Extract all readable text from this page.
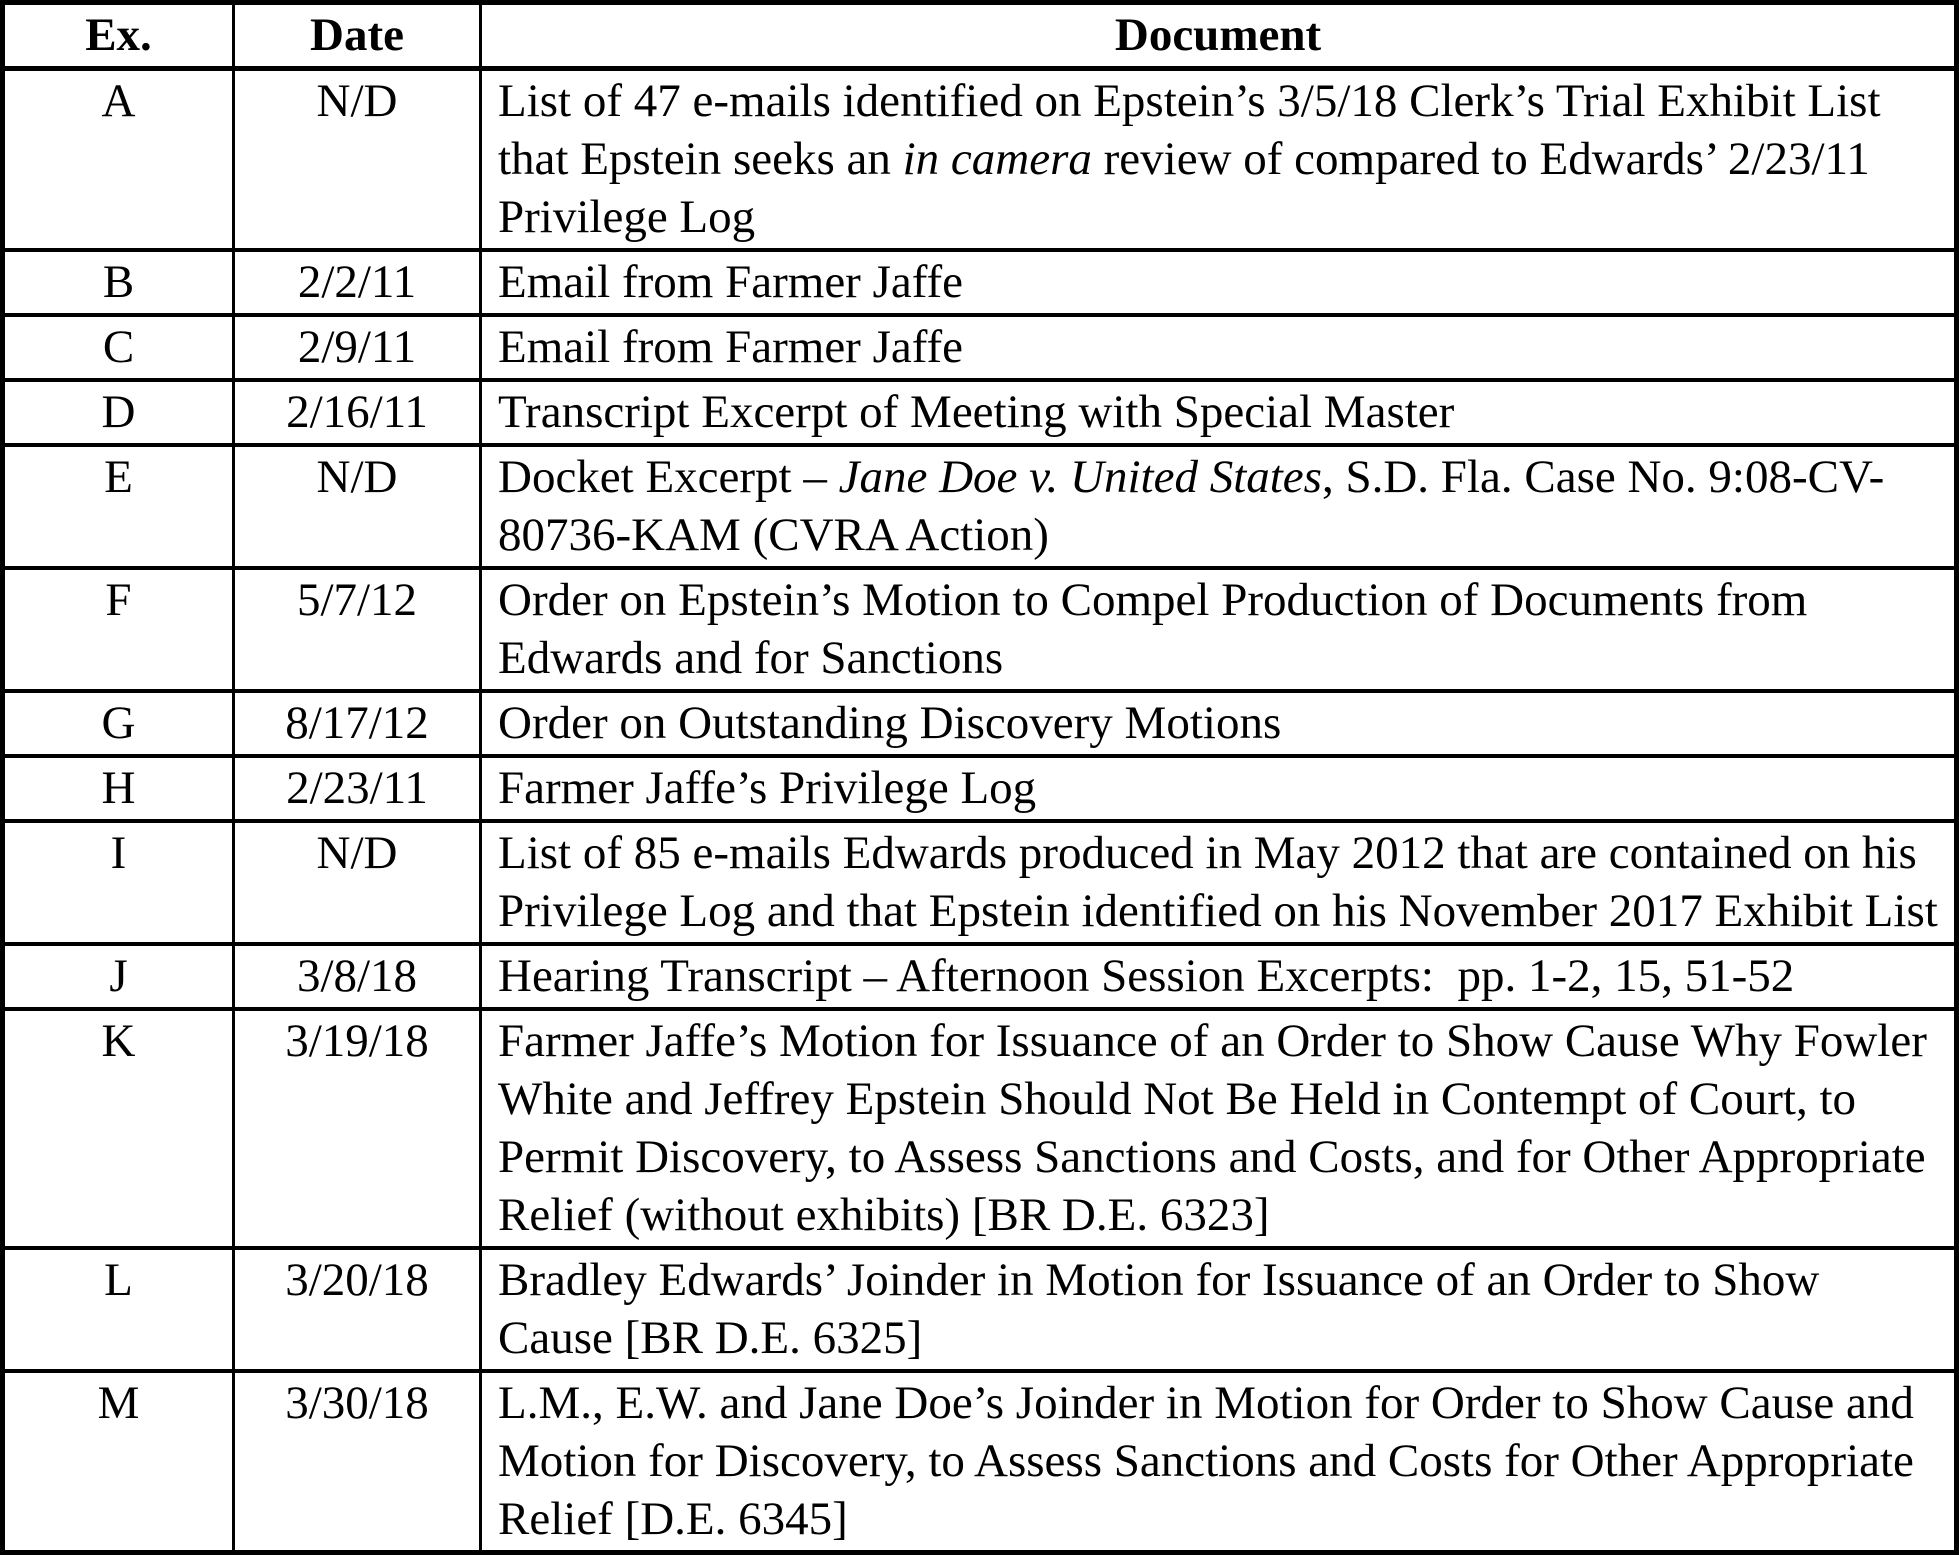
Ex.	Date	Document
A	N/D	List of 47 e-mails identified on Epstein’s 3/5/18 Clerk’s Trial Exhibit List that Epstein seeks an in camera review of compared to Edwards’ 2/23/11 Privilege Log
B	2/2/11	Email from Farmer Jaffe
C	2/9/11	Email from Farmer Jaffe
D	2/16/11	Transcript Excerpt of Meeting with Special Master
E	N/D	Docket Excerpt – Jane Doe v. United States, S.D. Fla. Case No. 9:08-CV-80736-KAM (CVRA Action)
F	5/7/12	Order on Epstein’s Motion to Compel Production of Documents from Edwards and for Sanctions
G	8/17/12	Order on Outstanding Discovery Motions
H	2/23/11	Farmer Jaffe’s Privilege Log
I	N/D	List of 85 e-mails Edwards produced in May 2012 that are contained on his Privilege Log and that Epstein identified on his November 2017 Exhibit List
J	3/8/18	Hearing Transcript – Afternoon Session Excerpts:  pp. 1-2, 15, 51-52
K	3/19/18	Farmer Jaffe’s Motion for Issuance of an Order to Show Cause Why Fowler White and Jeffrey Epstein Should Not Be Held in Contempt of Court, to Permit Discovery, to Assess Sanctions and Costs, and for Other Appropriate Relief (without exhibits) [BR D.E. 6323]
L	3/20/18	Bradley Edwards’ Joinder in Motion for Issuance of an Order to Show Cause [BR D.E. 6325]
M	3/30/18	L.M., E.W. and Jane Doe’s Joinder in Motion for Order to Show Cause and Motion for Discovery, to Assess Sanctions and Costs for Other Appropriate Relief [D.E. 6345]
